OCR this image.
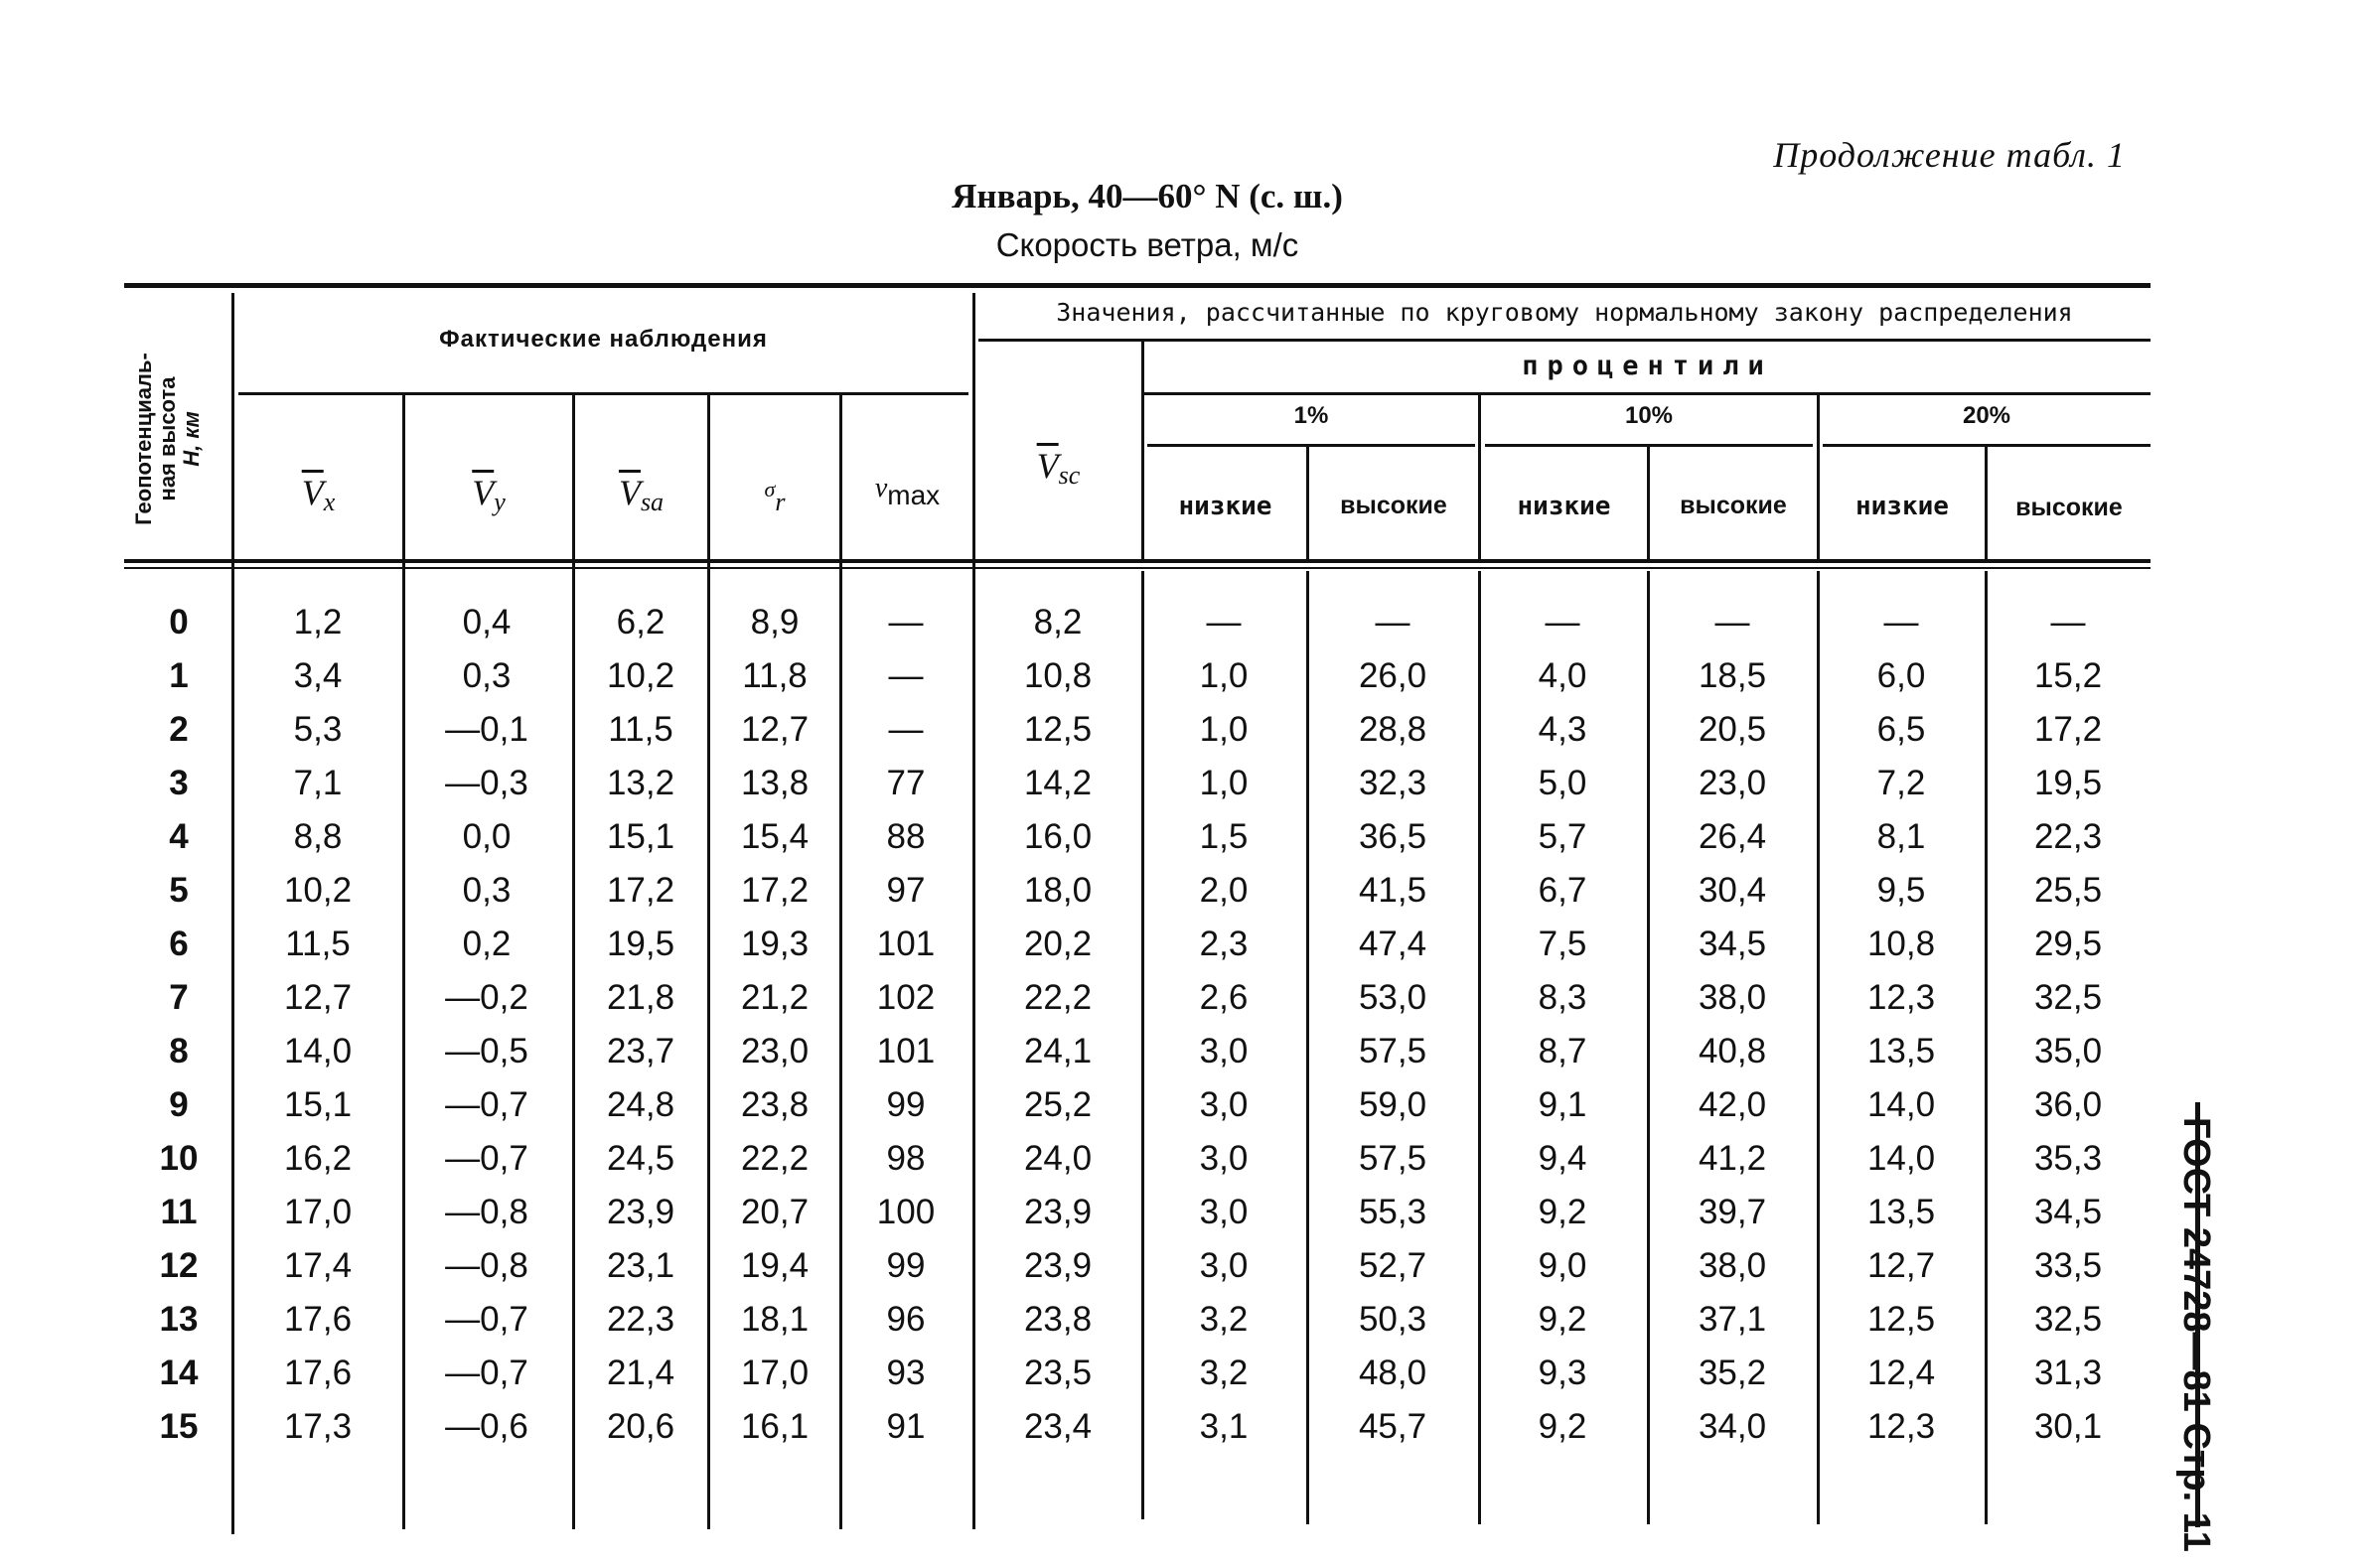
Продолжение табл. 1
Январь, 40—60° N (с. ш.)
Скорость ветра, м/с
Геопотенциаль- ная высота H, км
Фактические наблюдения
Значения, рассчитанные по круговому нормальному закону распределения
процентили
1%	10%	20%
низкие	высокие	низкие	высокие	низкие	высокие
$\overline{V}_x$	$\overline{V}_y$	$\overline{V}_{sa}$	$^\sigma_r$	$^v$max
$\overline{V}_{sc}$
0	1,2	0,4	6,2	8,9	—	8,2	—	—	—	—	—	—
1	3,4	0,3	10,2	11,8	—	10,8	1,0	26,0	4,0	18,5	6,0	15,2
2	5,3	—0,1	11,5	12,7	—	12,5	1,0	28,8	4,3	20,5	6,5	17,2
3	7,1	—0,3	13,2	13,8	77	14,2	1,0	32,3	5,0	23,0	7,2	19,5
4	8,8	0,0	15,1	15,4	88	16,0	1,5	36,5	5,7	26,4	8,1	22,3
5	10,2	0,3	17,2	17,2	97	18,0	2,0	41,5	6,7	30,4	9,5	25,5
6	11,5	0,2	19,5	19,3	101	20,2	2,3	47,4	7,5	34,5	10,8	29,5
7	12,7	—0,2	21,8	21,2	102	22,2	2,6	53,0	8,3	38,0	12,3	32,5
8	14,0	—0,5	23,7	23,0	101	24,1	3,0	57,5	8,7	40,8	13,5	35,0
9	15,1	—0,7	24,8	23,8	99	25,2	3,0	59,0	9,1	42,0	14,0	36,0
10	16,2	—0,7	24,5	22,2	98	24,0	3,0	57,5	9,4	41,2	14,0	35,3
11	17,0	—0,8	23,9	20,7	100	23,9	3,0	55,3	9,2	39,7	13,5	34,5
12	17,4	—0,8	23,1	19,4	99	23,9	3,0	52,7	9,0	38,0	12,7	33,5
13	17,6	—0,7	22,3	18,1	96	23,8	3,2	50,3	9,2	37,1	12,5	32,5
14	17,6	—0,7	21,4	17,0	93	23,5	3,2	48,0	9,3	35,2	12,4	31,3
15	17,3	—0,6	20,6	16,1	91	23,4	3,1	45,7	9,2	34,0	12,3	30,1	ГОСТ 24728—81 Стр. 11
